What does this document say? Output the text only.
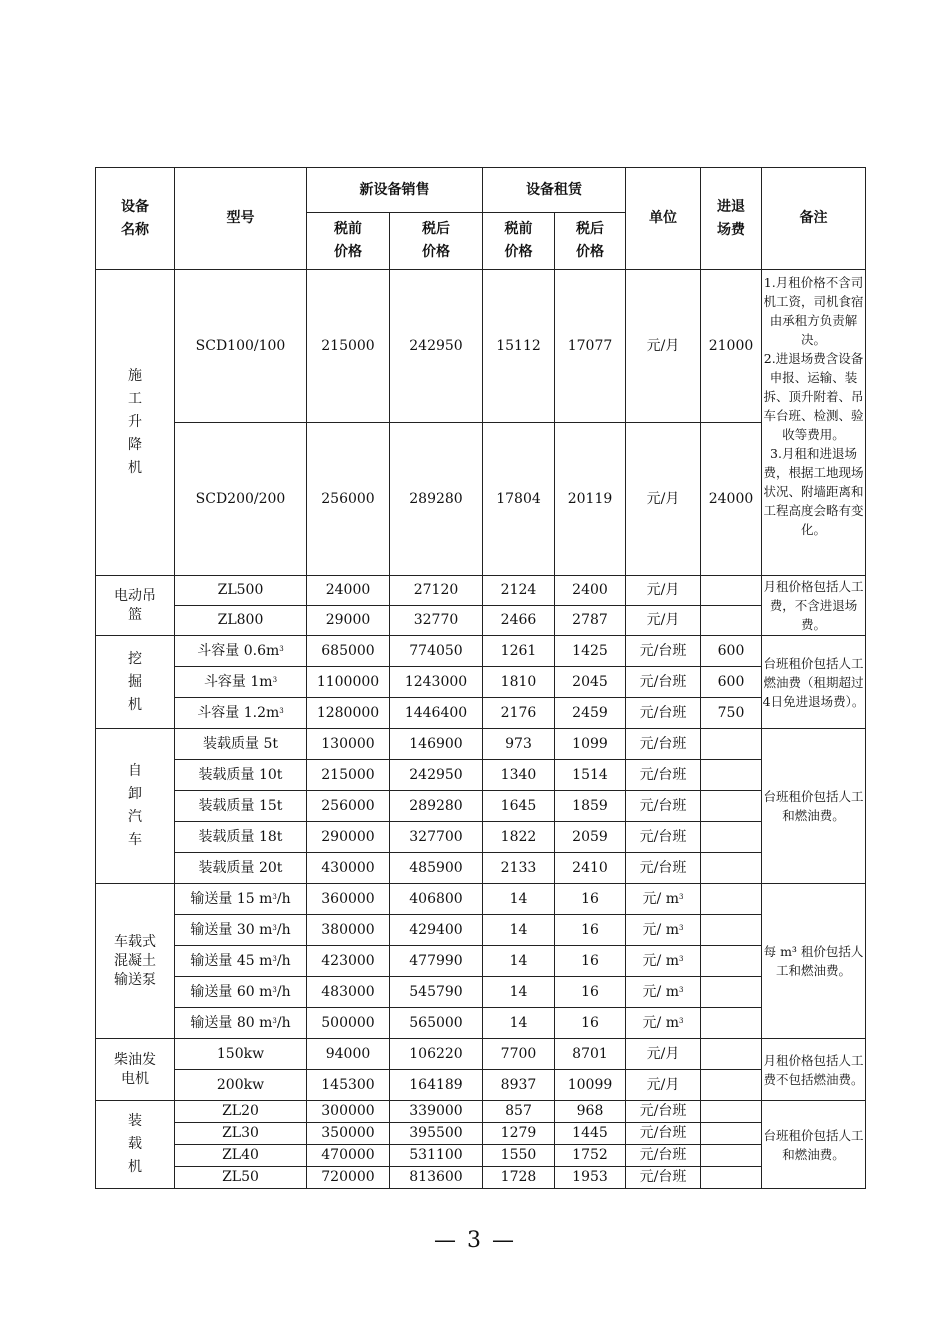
设备名称	型号	新设备销售		设备租赁		单位	进退场费	备注
		税前价格	税后价格	税前价格	税后价格			

施工升降机	SCD100/100	215000	242950	15112	17077	元/月	21000	1.月租价格不含司机工资，司机食宿由承租方负责解决。
2.进退场费含设备申报、运输、装拆、顶升附着、吊车台班、检测、验收等费用。
3.月租和进退场费，根据工地现场状况、附墙距离和工程高度会略有变化。
	SCD200/200	256000	289280	17804	20119	元/月	24000	
电动吊篮	ZL500	24000	27120	2124	2400	元/月		月租价格包括人工费，不含进退场费。
	ZL800	29000	32770	2466	2787	元/月		

挖掘机	斗容量 $0.6m^3$	685000	774050	1261	1425	元/台班	600	台班租价包括人工燃油费（租期超过4日免进退场费）。
	斗容量 $1m^3$	1100000	1243000	1810	2045	元/台班	600	
	斗容量 $1.2m^3$	1280000	1446400	2176	2459	元/台班	750	

自卸汽车	装载质量 5t	130000	146900	973	1099	元/台班		台班租价包括人工和燃油费。
	装载质量 10t	215000	242950	1340	1514	元/台班		
	装载质量 15t	256000	289280	1645	1859	元/台班		
	装载质量 18t	290000	327700	1822	2059	元/台班		
	装载质量 20t	430000	485900	2133	2410	元/台班		
车载式混凝土输送泵	输送量 15 $m^3/h$	360000	406800	14	16	元/ $m^3$		每 m³ 租价包括人工和燃油费。
	输送量 30 $m^3/h$	380000	429400	14	16	元/ $m^3$	
	输送量 45 $m^3/h$	423000	477990	14	16	元/ $m^3$	
	输送量 60 $m^3/h$	483000	545790	14	16	元/ $m^3$	
	输送量 80 $m^3/h$	500000	565000	14	16	元/ $m^3$	
柴油发电机	150kw	94000	106220	7700	8701	元/月		月租价格包括人工费不包括燃油费。
	200kw	145300	164189	8937	10099	元/月		

装载机	ZL20	300000	339000	857	968	元/台班		台班租价包括人工和燃油费。
	ZL30	350000	395500	1279	1445	元/台班		
	ZL40	470000	531100	1550	1752	元/台班		
	ZL50	720000	813600	1728	1953	元/台班		
— 3 —
